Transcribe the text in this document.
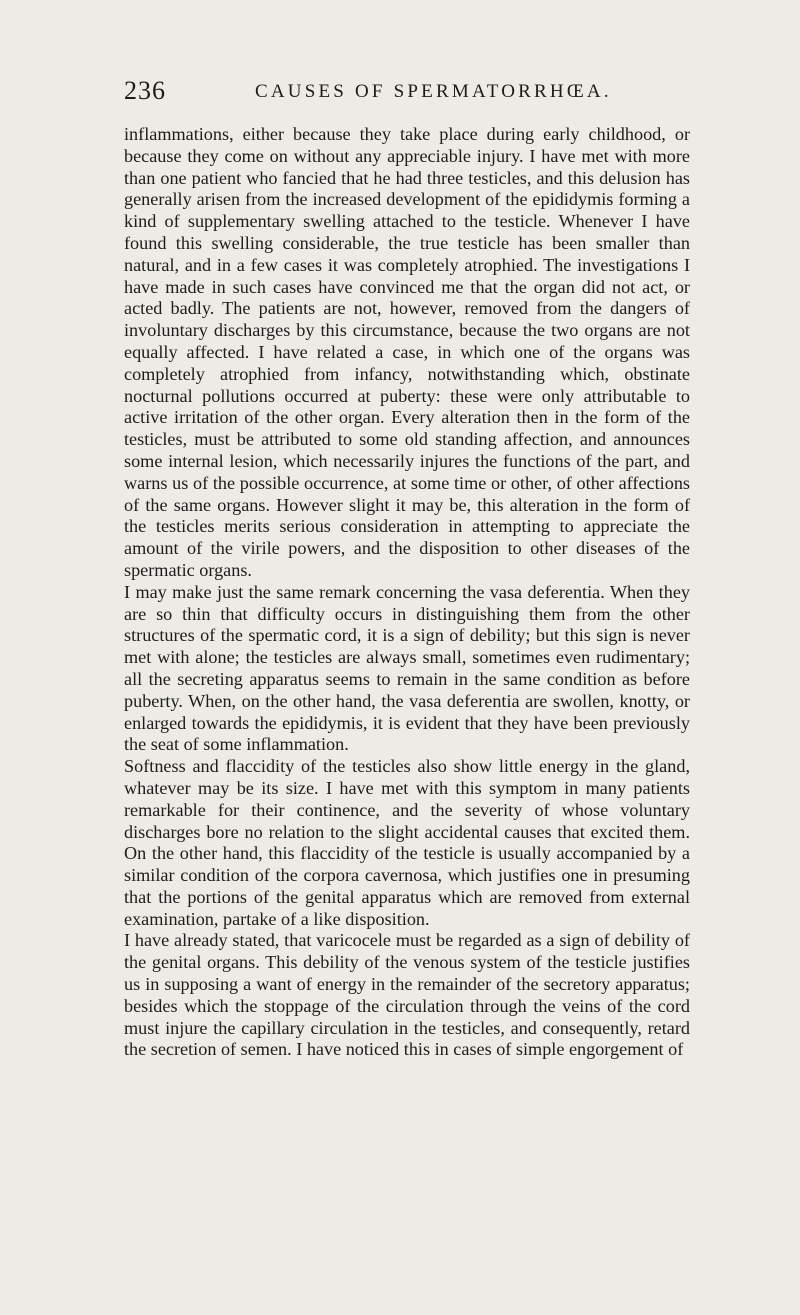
236	CAUSES OF SPERMATORRHŒA.

inflammations, either because they take place during early childhood, or because they come on without any appreciable injury. I have met with more than one patient who fancied that he had three testicles, and this delusion has generally arisen from the increased development of the epididymis forming a kind of supplementary swelling attached to the testicle. Whenever I have found this swelling considerable, the true testicle has been smaller than natural, and in a few cases it was completely atrophied. The investigations I have made in such cases have convinced me that the organ did not act, or acted badly. The patients are not, however, removed from the dangers of involuntary discharges by this circumstance, because the two organs are not equally affected. I have related a case, in which one of the organs was completely atrophied from infancy, notwithstanding which, obstinate nocturnal pollutions occurred at puberty: these were only attributable to active irritation of the other organ. Every alteration then in the form of the testicles, must be attributed to some old standing affection, and announces some internal lesion, which necessarily injures the functions of the part, and warns us of the possible occurrence, at some time or other, of other affections of the same organs. However slight it may be, this alteration in the form of the testicles merits serious consideration in attempting to appreciate the amount of the virile powers, and the disposition to other diseases of the spermatic organs.

I may make just the same remark concerning the vasa deferentia. When they are so thin that difficulty occurs in distinguishing them from the other structures of the spermatic cord, it is a sign of debility; but this sign is never met with alone; the testicles are always small, sometimes even rudimentary; all the secreting apparatus seems to remain in the same condition as before puberty. When, on the other hand, the vasa deferentia are swollen, knotty, or enlarged towards the epididymis, it is evident that they have been previously the seat of some inflammation.

Softness and flaccidity of the testicles also show little energy in the gland, whatever may be its size. I have met with this symptom in many patients remarkable for their continence, and the severity of whose voluntary discharges bore no relation to the slight accidental causes that excited them. On the other hand, this flaccidity of the testicle is usually accompanied by a similar condition of the corpora cavernosa, which justifies one in presuming that the portions of the genital apparatus which are removed from external examination, partake of a like disposition.

I have already stated, that varicocele must be regarded as a sign of debility of the genital organs. This debility of the venous system of the testicle justifies us in supposing a want of energy in the remainder of the secretory apparatus; besides which the stoppage of the circulation through the veins of the cord must injure the capillary circulation in the testicles, and consequently, retard the secretion of semen. I have noticed this in cases of simple engorgement of
